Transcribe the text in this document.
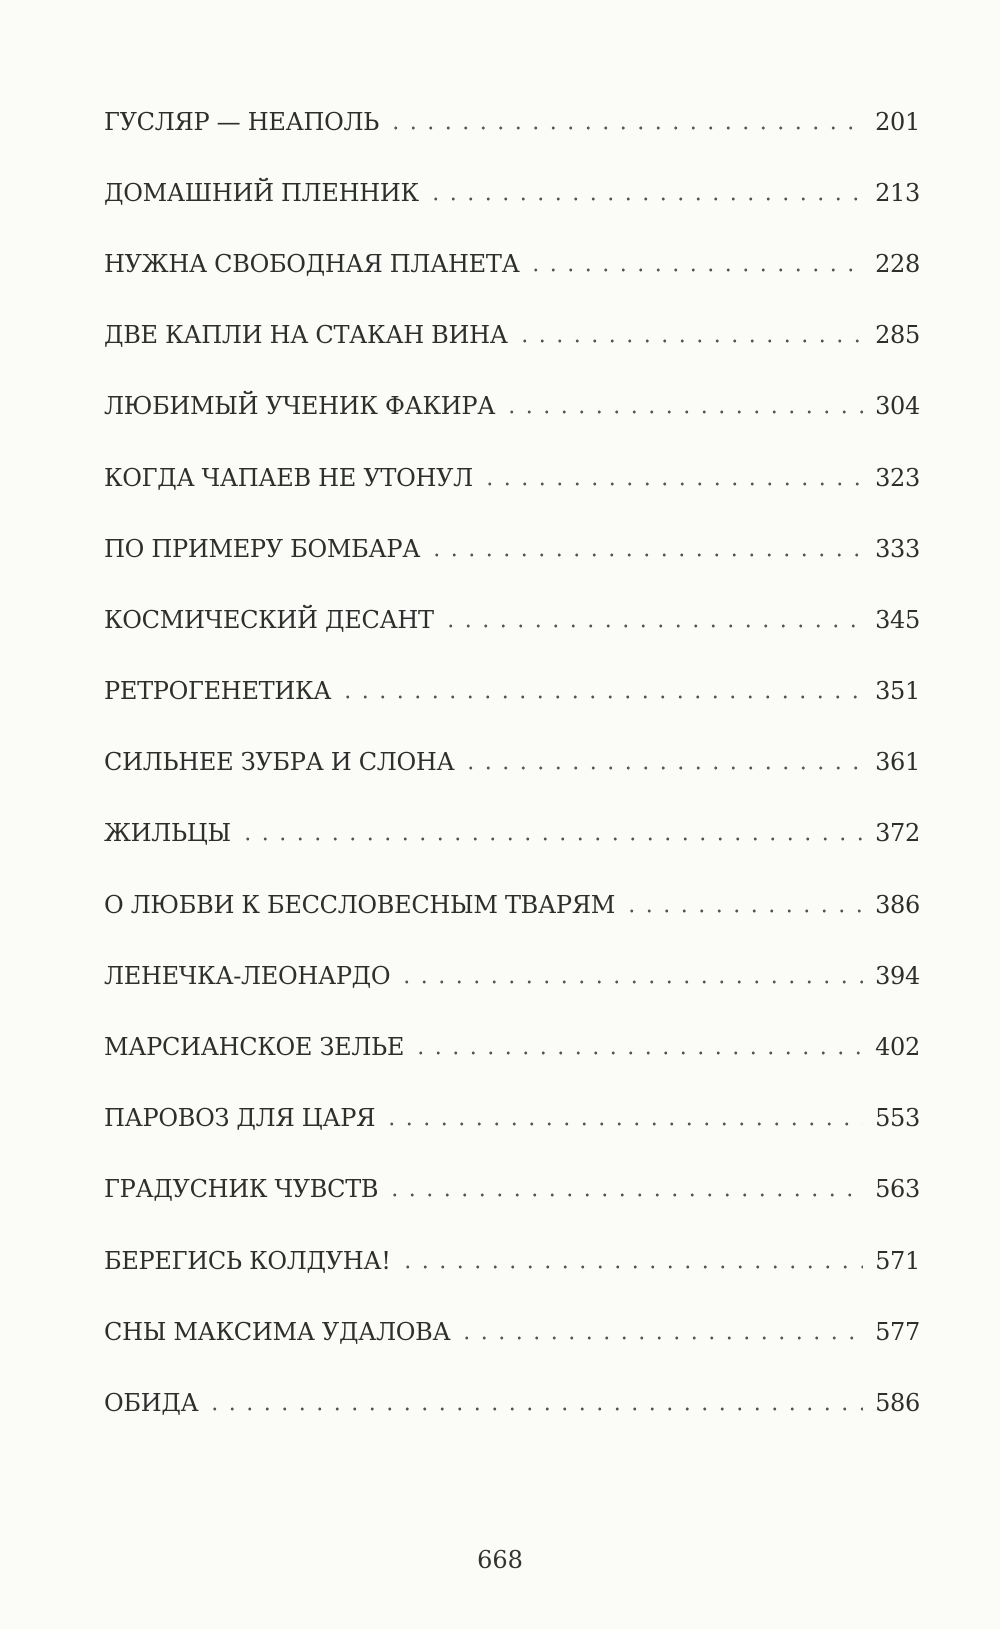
ГУСЛЯР — НЕАПОЛЬ	201
ДОМАШНИЙ ПЛЕННИК	213
НУЖНА СВОБОДНАЯ ПЛАНЕТА	228
ДВЕ КАПЛИ НА СТАКАН ВИНА	285
ЛЮБИМЫЙ УЧЕНИК ФАКИРА	304
КОГДА ЧАПАЕВ НЕ УТОНУЛ	323
ПО ПРИМЕРУ БОМБАРА	333
КОСМИЧЕСКИЙ ДЕСАНТ	345
РЕТРОГЕНЕТИКА	351
СИЛЬНЕЕ ЗУБРА И СЛОНА	361
ЖИЛЬЦЫ	372
О ЛЮБВИ К БЕССЛОВЕСНЫМ ТВАРЯМ	386
ЛЕНЕЧКА-ЛЕОНАРДО	394
МАРСИАНСКОЕ ЗЕЛЬЕ	402
ПАРОВОЗ ДЛЯ ЦАРЯ	553
ГРАДУСНИК ЧУВСТВ	563
БЕРЕГИСЬ КОЛДУНА!	571
СНЫ МАКСИМА УДАЛОВА	577
ОБИДА	586
668
